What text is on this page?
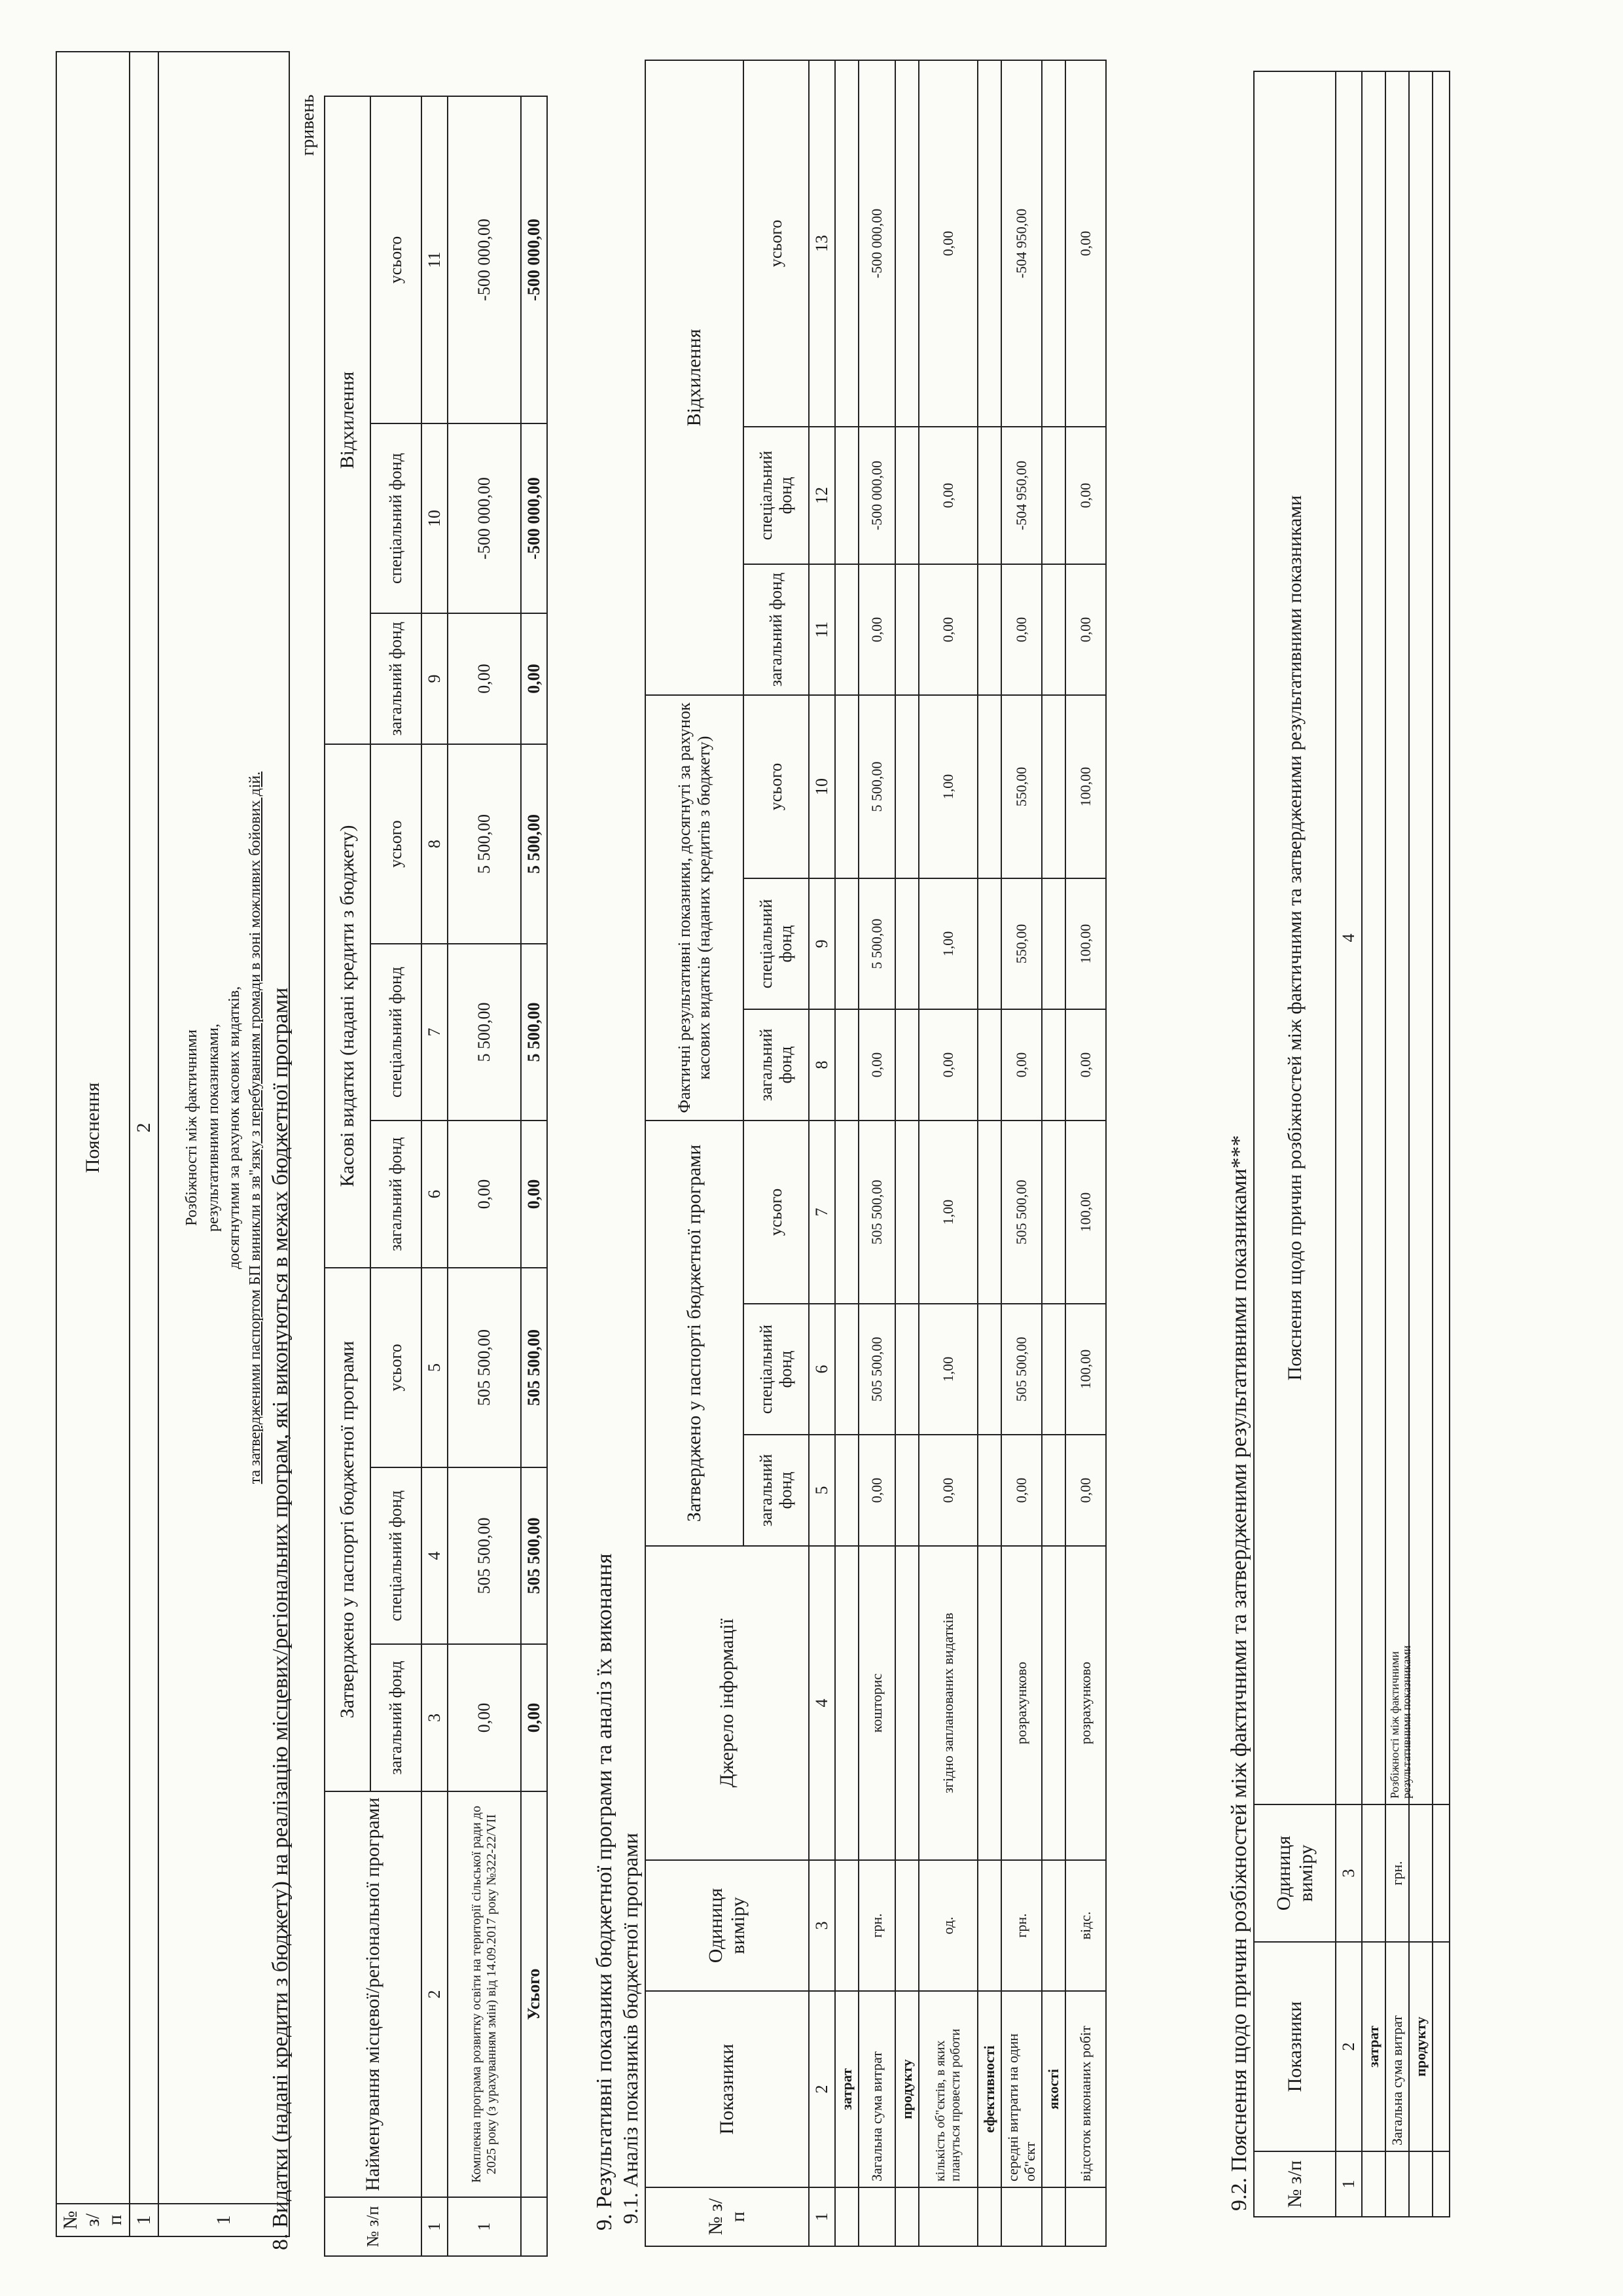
№ з/п	Пояснення
1	2
1	Розбіжності між фактичними результативними показниками, досягнутими за рахунок касових видатків, та затвердженими паспортом БП виникли в зв"язку з перебуванням громади в зоні можливих бойових дій. 8. Видатки (надані кредити з бюджету) на реалізацію місцевих/регіональних програм, які виконуються в межах бюджетної програми
гривень
№ з/п	Найменування місцевої/регіональної програми	Затверджено у паспорті бюджетної програми			Касові видатки (надані кредити з бюджету)			Відхилення		
		загальний фонд	спеціальний фонд	усього	загальний фонд	спеціальний фонд	усього	загальний фонд	спеціальний фонд	усього
1	2	3	4	5	6	7	8	9	10	11
1	Комплекна програма розвитку освіти на території сільської ради до 2025 року (з урахуванням змін) від 14.09.2017 року №322-22/VII	0,00	505 500,00	505 500,00	0,00	5 500,00	5 500,00	0,00	-500 000,00	-500 000,00
	Усього	0,00	505 500,00	505 500,00	0,00	5 500,00	5 500,00	0,00	-500 000,00	-500 000,00
9. Результативні показники бюджетної програми та аналіз їх виконання 9.1. Аналіз показників бюджетної програми	№ з/п	Показники	Одиниця виміру	Джерело інформації	Затверджено у паспорті бюджетної програми			Фактичні результативні показники, досягнуті за рахунок касових видатків (наданих кредитів з бюджету)			Відхилення		
				загальний фонд	спеціальний фонд	усього	загальний фонд	спеціальний фонд	усього	загальний фонд	спеціальний фонд	усього
1	2	3	4	5	6	7	8	9	10	11	12	13
	затрат											
	Загальна сума витрат	грн.	кошторис	0,00	505 500,00	505 500,00	0,00	5 500,00	5 500,00	0,00	-500 000,00	-500 000,00
	продукту											
	кількість об"єктів, в яких плануться провести роботи	од.	згідно запланованих видатків	0,00	1,00	1,00	0,00	1,00	1,00	0,00	0,00	0,00
	ефективності											
	середні витрати на один об"єкт	грн.	розрахунково	0,00	505 500,00	505 500,00	0,00	550,00	550,00	0,00	-504 950,00	-504 950,00
	якості											
	відсоток виконаних робіт	відс.	розрахунково	0,00	100,00	100,00	0,00	100,00	100,00	0,00	0,00	0,00
9.2. Пояснення щодо причин розбіжностей між фактичними та затвердженими результативними показниками*** № з/п	Показники	Одиниця виміру	Пояснення щодо причин розбіжностей між фактичними та затвердженими результативними показниками
1	2	3	4
	затрат		
	Загальна сума витрат	грн.	Розбіжності між фактичними
результативними показниками

	продукту		
